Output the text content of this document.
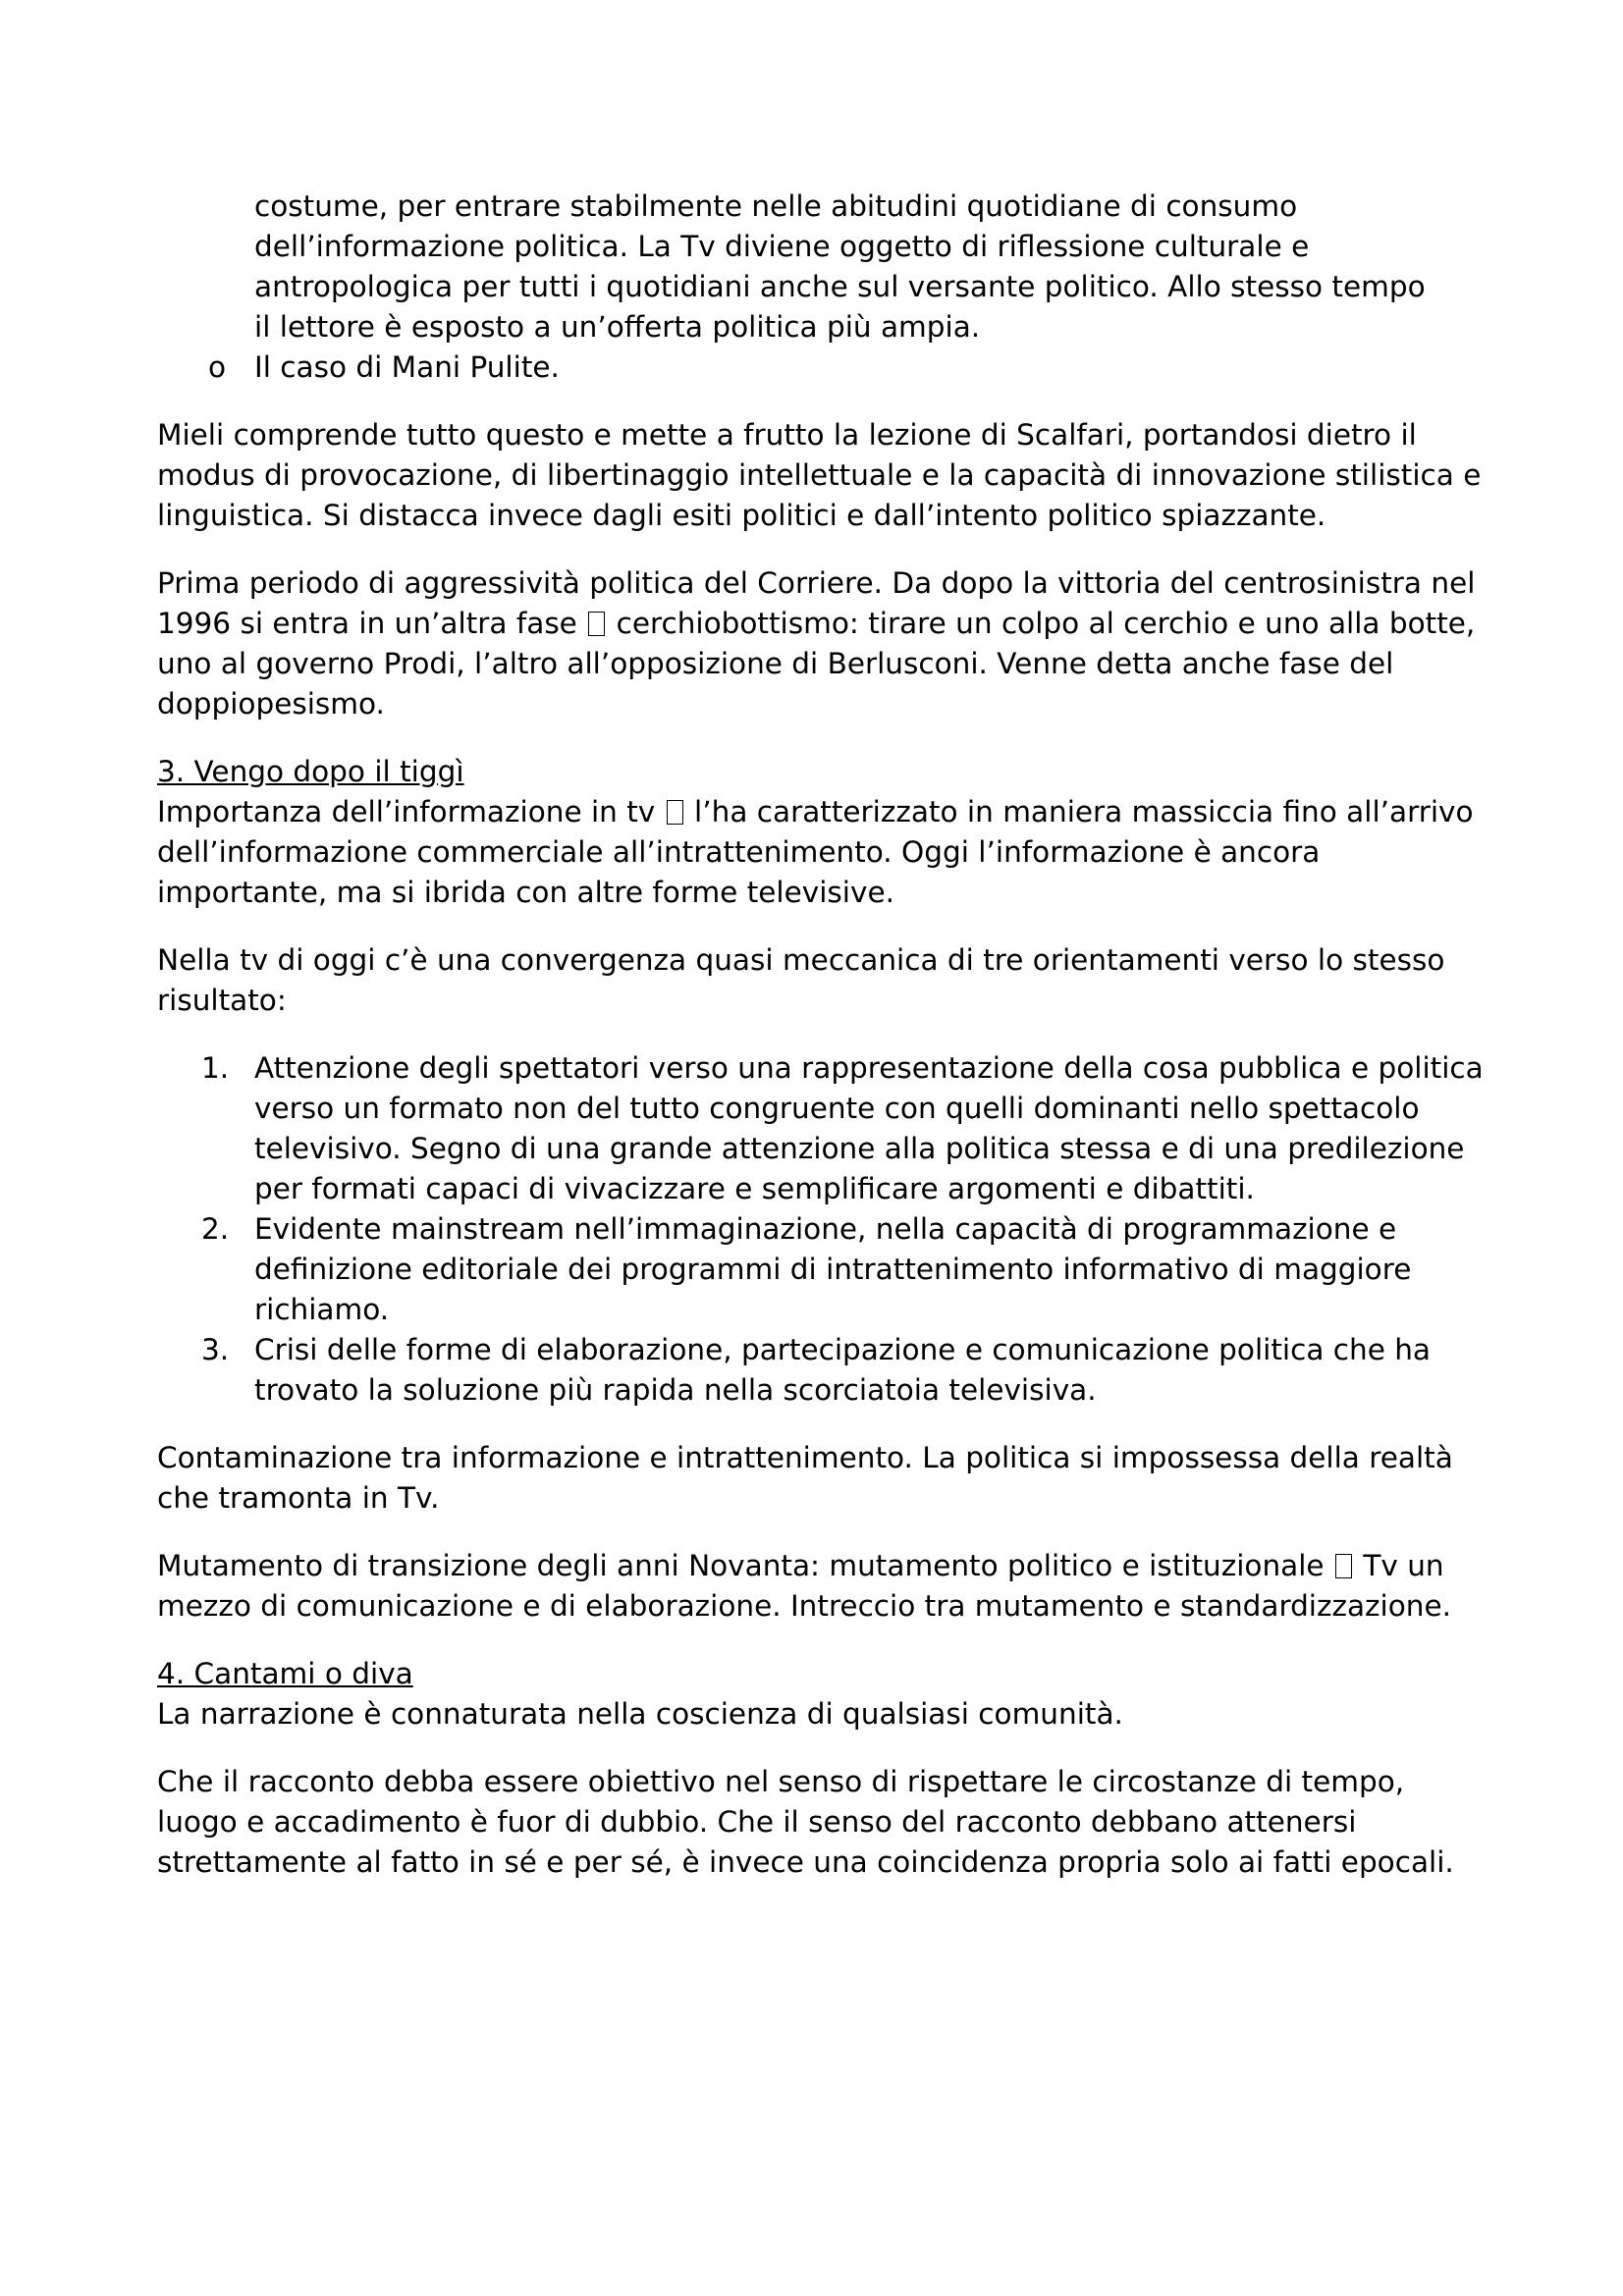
costume, per entrare stabilmente nelle abitudini quotidiane di consumo
dell’informazione politica. La Tv diviene oggetto di riflessione culturale e
antropologica per tutti i quotidiani anche sul versante politico. Allo stesso tempo
il lettore è esposto a un’offerta politica più ampia.

o Il caso di Mani Pulite.

Mieli comprende tutto questo e mette a frutto la lezione di Scalfari, portandosi dietro il modus di provocazione, di libertinaggio intellettuale e la capacità di innovazione stilistica e linguistica. Si distacca invece dagli esiti politici e dall’intento politico spiazzante.

Prima periodo di aggressività politica del Corriere. Da dopo la vittoria del centrosinistra nel 1996 si entra in un’altra fase cerchiobottismo: tirare un colpo al cerchio e uno alla botte, uno al governo Prodi, l’altro all’opposizione di Berlusconi. Venne detta anche fase del doppiopesismo.

3. Vengo dopo il tiggì

Importanza dell’informazione in tv l’ha caratterizzato in maniera massiccia fino all’arrivo dell’informazione commerciale all’intrattenimento. Oggi l’informazione è ancora importante, ma si ibrida con altre forme televisive.

Nella tv di oggi c’è una convergenza quasi meccanica di tre orientamenti verso lo stesso risultato:

1. Attenzione degli spettatori verso una rappresentazione della cosa pubblica e politica verso un formato non del tutto congruente con quelli dominanti nello spettacolo televisivo. Segno di una grande attenzione alla politica stessa e di una predilezione per formati capaci di vivacizzare e semplificare argomenti e dibattiti.
2. Evidente mainstream nell’immaginazione, nella capacità di programmazione e definizione editoriale dei programmi di intrattenimento informativo di maggiore richiamo.
3. Crisi delle forme di elaborazione, partecipazione e comunicazione politica che ha trovato la soluzione più rapida nella scorciatoia televisiva.

Contaminazione tra informazione e intrattenimento. La politica si impossessa della realtà che tramonta in Tv.

Mutamento di transizione degli anni Novanta: mutamento politico e istituzionale Tv un mezzo di comunicazione e di elaborazione. Intreccio tra mutamento e standardizzazione.

4. Cantami o diva

La narrazione è connaturata nella coscienza di qualsiasi comunità.

Che il racconto debba essere obiettivo nel senso di rispettare le circostanze di tempo, luogo e accadimento è fuor di dubbio. Che il senso del racconto debbano attenersi strettamente al fatto in sé e per sé, è invece una coincidenza propria solo ai fatti epocali.
